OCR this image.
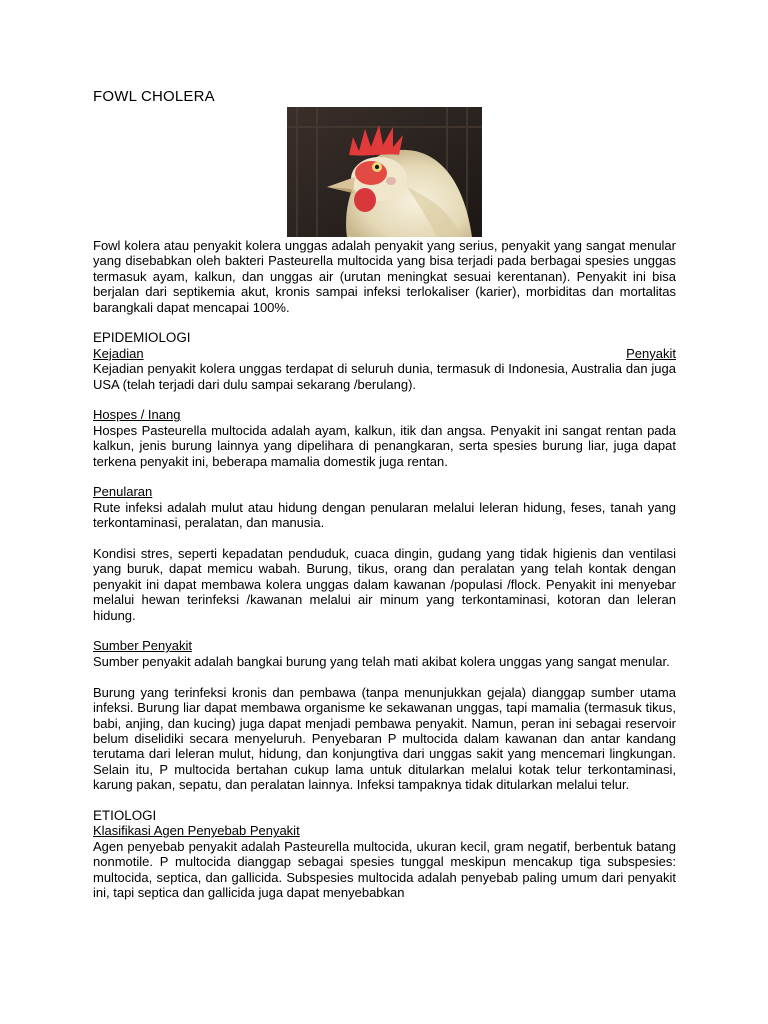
FOWL CHOLERA

Fowl kolera atau penyakit kolera unggas adalah penyakit yang serius, penyakit yang sangat menular yang disebabkan oleh bakteri Pasteurella multocida yang bisa terjadi pada berbagai spesies unggas termasuk ayam, kalkun, dan unggas air (urutan meningkat sesuai kerentanan). Penyakit ini bisa berjalan dari septikemia akut, kronis sampai infeksi terlokaliser (karier), morbiditas dan mortalitas barangkali dapat mencapai 100%.

EPIDEMIOLOGI

Kejadian	Penyakit

Kejadian penyakit kolera unggas terdapat di seluruh dunia, termasuk di Indonesia, Australia dan juga USA (telah terjadi dari dulu sampai sekarang /berulang).

Hospes / Inang

Hospes Pasteurella multocida adalah ayam, kalkun, itik dan angsa. Penyakit ini sangat rentan pada kalkun, jenis burung lainnya yang dipelihara di penangkaran, serta spesies burung liar, juga dapat terkena penyakit ini, beberapa mamalia domestik juga rentan.

Penularan

Rute infeksi adalah mulut atau hidung dengan penularan melalui leleran hidung, feses, tanah yang terkontaminasi, peralatan, dan manusia.

Kondisi stres, seperti kepadatan penduduk, cuaca dingin, gudang yang tidak higienis dan ventilasi yang buruk, dapat memicu wabah. Burung, tikus, orang dan peralatan yang telah kontak dengan penyakit ini dapat membawa kolera unggas dalam kawanan /populasi /flock. Penyakit ini menyebar melalui hewan terinfeksi /kawanan melalui air minum yang terkontaminasi, kotoran dan leleran hidung.

Sumber Penyakit

Sumber penyakit adalah bangkai burung yang telah mati akibat kolera unggas yang sangat menular.

Burung yang terinfeksi kronis dan pembawa (tanpa menunjukkan gejala) dianggap sumber utama infeksi. Burung liar dapat membawa organisme ke sekawanan unggas, tapi mamalia (termasuk tikus, babi, anjing, dan kucing) juga dapat menjadi pembawa penyakit. Namun, peran ini sebagai reservoir belum diselidiki secara menyeluruh. Penyebaran P multocida dalam kawanan dan antar kandang terutama dari leleran mulut, hidung, dan konjungtiva dari unggas sakit yang mencemari lingkungan. Selain itu, P multocida bertahan cukup lama untuk ditularkan melalui kotak telur terkontaminasi, karung pakan, sepatu, dan peralatan lainnya. Infeksi tampaknya tidak ditularkan melalui telur.

ETIOLOGI

Klasifikasi Agen Penyebab Penyakit

Agen penyebab penyakit adalah Pasteurella multocida, ukuran kecil, gram negatif, berbentuk batang nonmotile. P multocida dianggap sebagai spesies tunggal meskipun mencakup tiga subspesies: multocida, septica, dan gallicida. Subspesies multocida adalah penyebab paling umum dari penyakit ini, tapi septica dan gallicida juga dapat menyebabkan
